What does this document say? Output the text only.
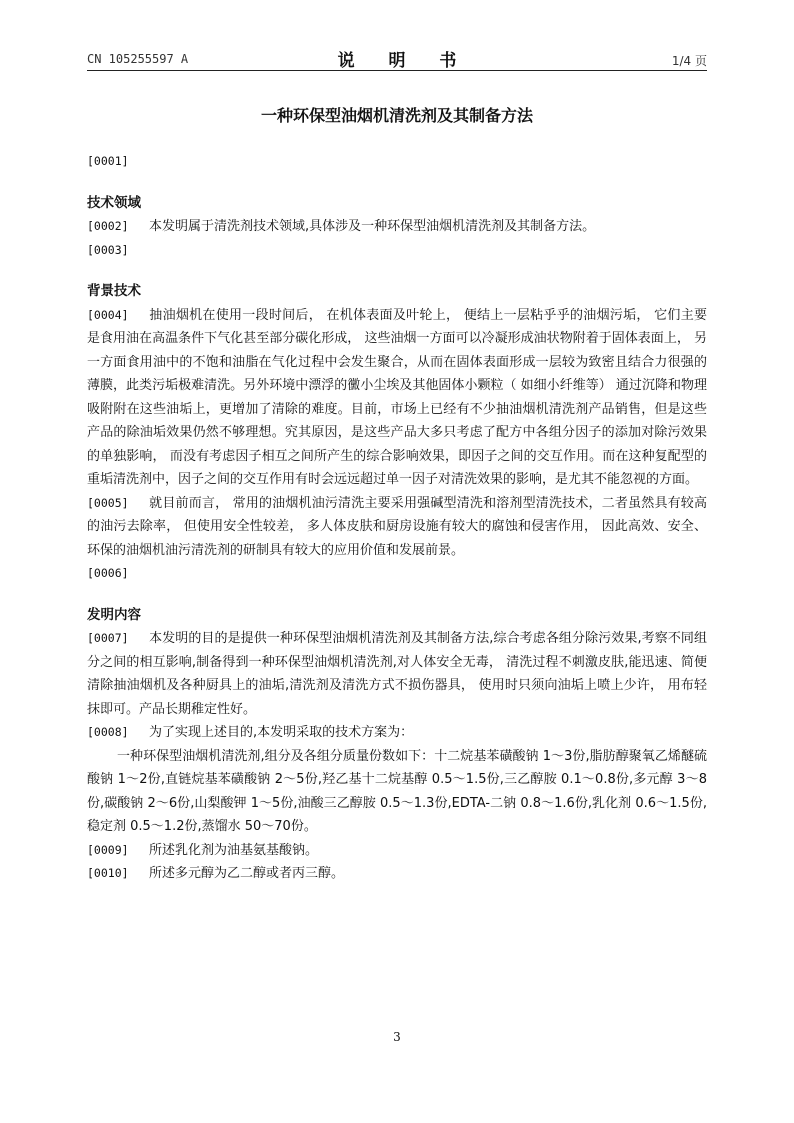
CN 105255597 A	说 明 书	1/4 页
一种环保型油烟机清洗剂及其制备方法

[0001]

技术领域

[0002] 本发明属于清洗剂技术领域,具体涉及一种环保型油烟机清洗剂及其制备方法。

[0003]

背景技术

[0004] 抽油烟机在使用一段时间后， 在机体表面及叶轮上， 便结上一层粘乎乎的油烟污垢， 它们主要是食用油在高温条件下气化甚至部分碳化形成， 这些油烟一方面可以冷凝形成油状物附着于固体表面上， 另一方面食用油中的不饱和油脂在气化过程中会发生聚合，从而在固体表面形成一层较为致密且结合力很强的薄膜，此类污垢极难清洗。另外环境中漂浮的黴小尘埃及其他固体小颗粒（ 如细小纤维等） 通过沉降和物理吸附附在这些油垢上，更增加了清除的难度。目前，市场上已经有不少抽油烟机清洗剂产品销售，但是这些产品的除油垢效果仍然不够理想。究其原因，是这些产品大多只考虑了配方中各组分因子的添加对除污效果的单独影响， 而没有考虑因子相互之间所产生的综合影响效果，即因子之间的交互作用。而在这种复配型的重垢清洗剂中，因子之间的交互作用有时会远远超过单一因子对清洗效果的影响，是尤其不能忽视的方面。

[0005] 就目前而言， 常用的油烟机油污清洗主要采用强碱型清洗和溶剂型清洗技术，二者虽然具有较高的油污去除率， 但使用安全性较差， 多人体皮肤和厨房设施有较大的腐蚀和侵害作用， 因此高效、安全、环保的油烟机油污清洗剂的研制具有较大的应用价值和发展前景。

[0006]

发明内容

[0007] 本发明的目的是提供一种环保型油烟机清洗剂及其制备方法,综合考虑各组分除污效果,考察不同组分之间的相互影响,制备得到一种环保型油烟机清洗剂,对人体安全无毒， 清洗过程不刺激皮肤,能迅速、简便清除抽油烟机及各种厨具上的油垢,清洗剂及清洗方式不损伤器具， 使用时只须向油垢上喷上少许， 用布轻抹即可。产品长期稚定性好。

[0008] 为了实现上述目的,本发明采取的技术方案为：

一种环保型油烟机清洗剂,组分及各组分质量份数如下：十二烷基苯磺酸钠 1～3份,脂肪醇聚氧乙烯醚硫酸钠 1～2份,直链烷基苯磺酸钠 2～5份,羟乙基十二烷基醇 0.5～1.5份,三乙醇胺 0.1～0.8份,多元醇 3～8份,碳酸钠 2～6份,山梨酸钾 1～5份,油酸三乙醇胺 0.5～1.3份,EDTA-二钠 0.8～1.6份,乳化剂 0.6～1.5份,稳定剂 0.5～1.2份,蒸馏水 50～70份。

[0009] 所述乳化剂为油基氨基酸钠。

[0010] 所述多元醇为乙二醇或者丙三醇。

3
